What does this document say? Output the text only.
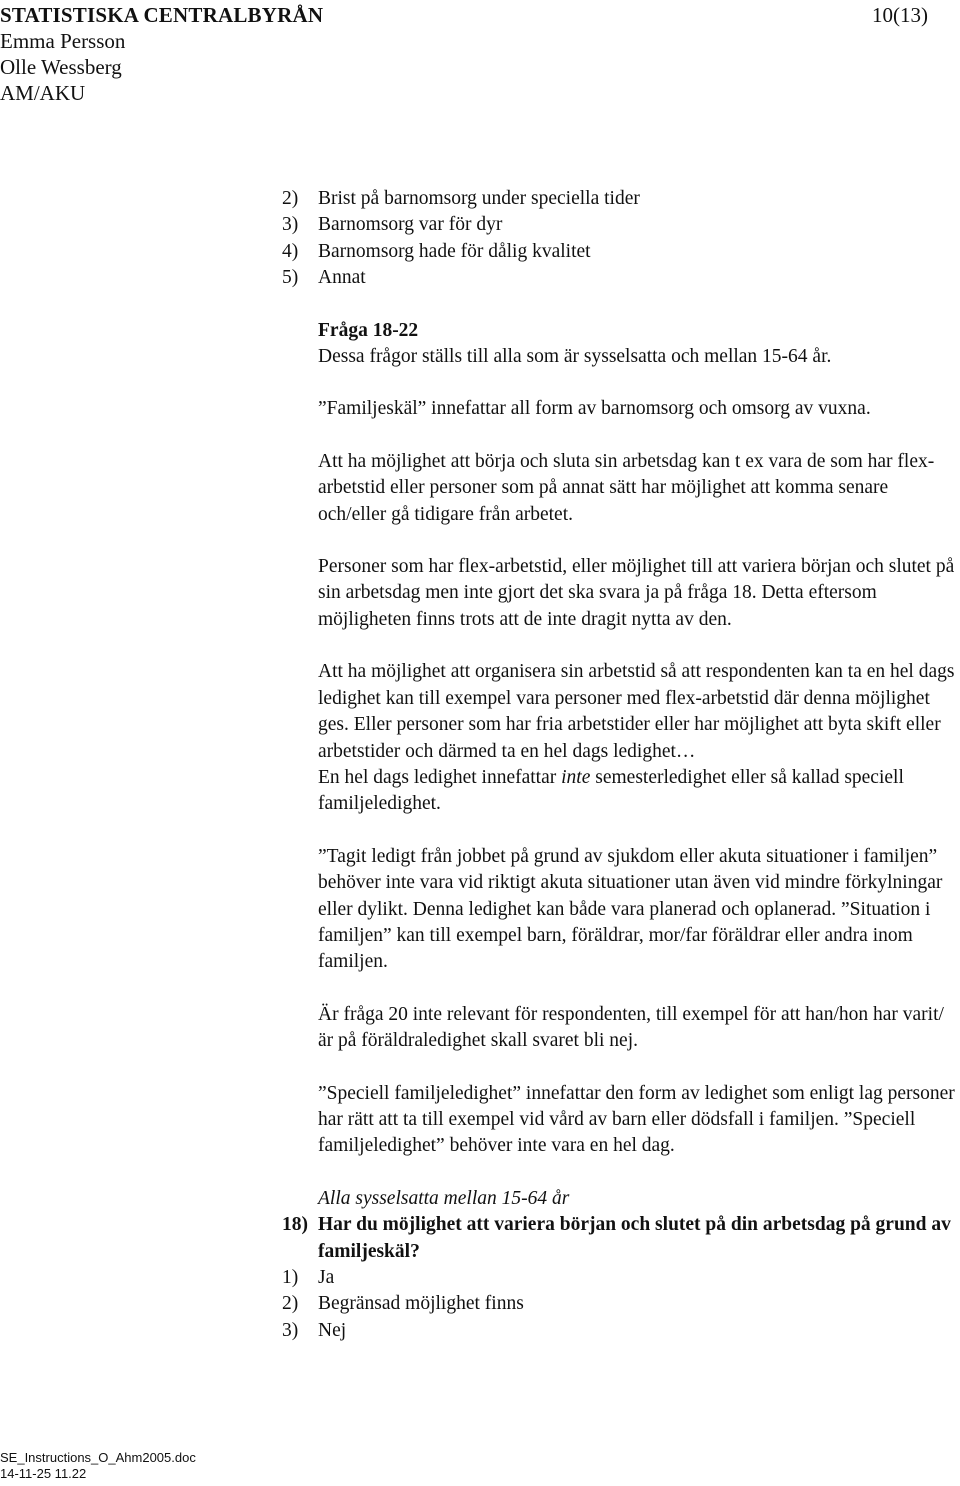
STATISTISKA CENTRALBYRÅN
Emma Persson
Olle Wessberg
AM/AKU
10(13)
2)	Brist på barnomsorg under speciella tider
3)	Barnomsorg var för dyr
4)	Barnomsorg hade för dålig kvalitet
5)	Annat
Fråga 18-22
Dessa frågor ställs till alla som är sysselsatta och mellan 15-64 år.
”Familjeskäl” innefattar all form av barnomsorg och omsorg av vuxna.
Att ha möjlighet att börja och sluta sin arbetsdag kan t ex vara de som har flex-arbetstid eller personer som på annat sätt har möjlighet att komma senare och/eller gå tidigare från arbetet.
Personer som har flex-arbetstid, eller möjlighet till att variera början och slutet på sin arbetsdag men inte gjort det ska svara ja på fråga 18. Detta eftersom möjligheten finns trots att de inte dragit nytta av den.
Att ha möjlighet att organisera sin arbetstid så att respondenten kan ta en hel dags ledighet kan till exempel vara personer med flex-arbetstid där denna möjlighet ges. Eller personer som har fria arbetstider eller har möjlighet att byta skift eller arbetstider och därmed ta en hel dags ledighet…
En hel dags ledighet innefattar inte semesterledighet eller så kallad speciell familjeledighet.
”Tagit ledigt från jobbet på grund av sjukdom eller akuta situationer i familjen” behöver inte vara vid riktigt akuta situationer utan även vid mindre förkylningar eller dylikt. Denna ledighet kan både vara planerad och oplanerad. ”Situation i familjen” kan till exempel barn, föräldrar, mor/far föräldrar eller andra inom familjen.
Är fråga 20 inte relevant för respondenten, till exempel för att han/hon har varit/är på föräldraledighet skall svaret bli nej.
”Speciell familjeledighet” innefattar den form av ledighet som enligt lag personer har rätt att ta till exempel vid vård av barn eller dödsfall i familjen. ”Speciell familjeledighet” behöver inte vara en hel dag.
Alla sysselsatta mellan 15-64 år
18) Har du möjlighet att variera början och slutet på din arbetsdag på grund av familjeskäl?
1)	Ja
2)	Begränsad möjlighet finns
3)	Nej
SE_Instructions_O_Ahm2005.doc
14-11-25 11.22
